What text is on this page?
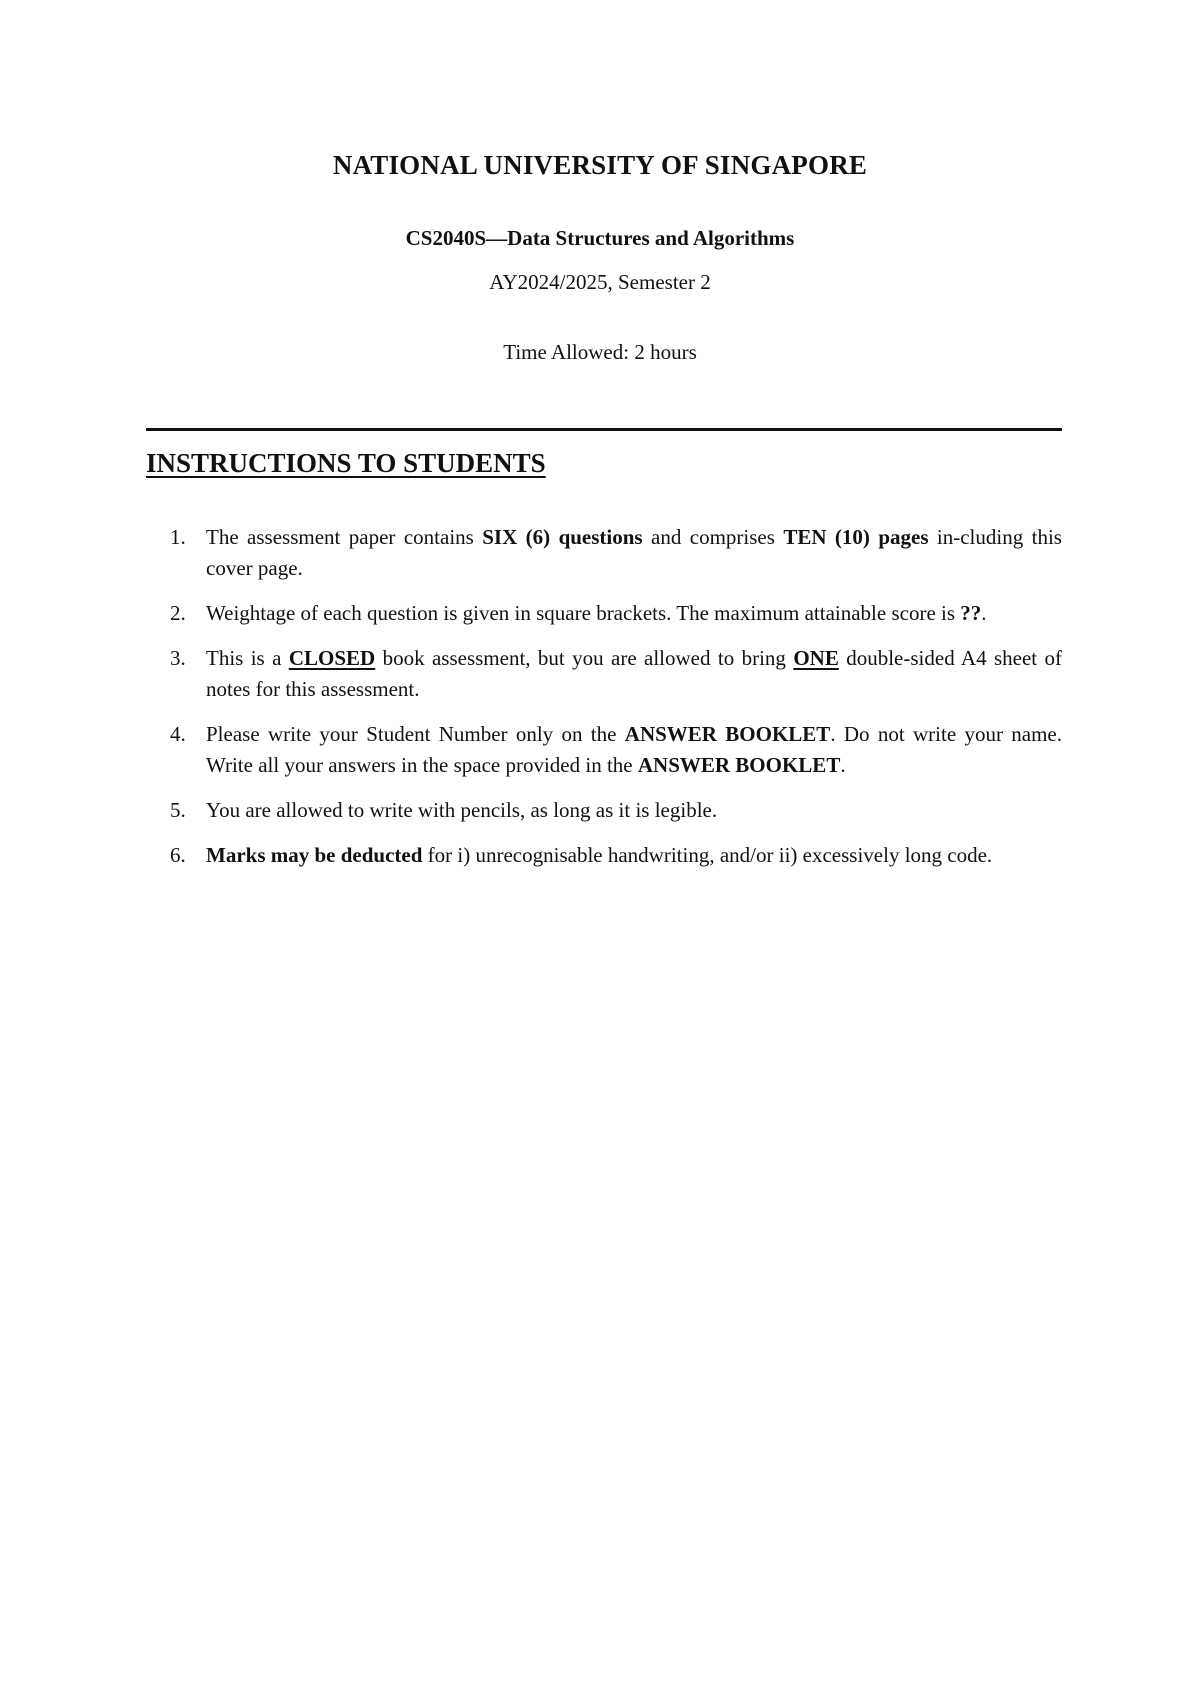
NATIONAL UNIVERSITY OF SINGAPORE
CS2040S—Data Structures and Algorithms
AY2024/2025, Semester 2
Time Allowed: 2 hours
INSTRUCTIONS TO STUDENTS
1. The assessment paper contains SIX (6) questions and comprises TEN (10) pages in-cluding this cover page.
2. Weightage of each question is given in square brackets. The maximum attainable score is ??.
3. This is a CLOSED book assessment, but you are allowed to bring ONE double-sided A4 sheet of notes for this assessment.
4. Please write your Student Number only on the ANSWER BOOKLET. Do not write your name. Write all your answers in the space provided in the ANSWER BOOKLET.
5. You are allowed to write with pencils, as long as it is legible.
6. Marks may be deducted for i) unrecognisable handwriting, and/or ii) excessively long code.
